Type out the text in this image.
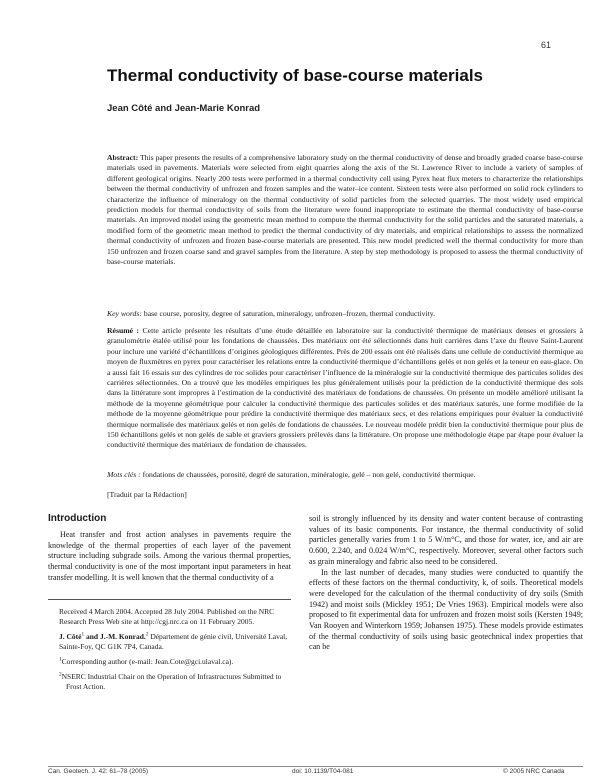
61
Thermal conductivity of base-course materials
Jean Côté and Jean-Marie Konrad
Abstract: This paper presents the results of a comprehensive laboratory study on the thermal conductivity of dense and broadly graded coarse base-course materials used in pavements. Materials were selected from eight quarries along the axis of the St. Lawrence River to include a variety of samples of different geological origins. Nearly 200 tests were performed in a thermal conductivity cell using Pyrex heat flux meters to characterize the relationships between the thermal conductivity of unfrozen and frozen samples and the water–ice content. Sixteen tests were also performed on solid rock cylinders to characterize the influence of mineralogy on the thermal conductivity of solid particles from the selected quarries. The most widely used empirical prediction models for thermal conductivity of soils from the literature were found inappropriate to estimate the thermal conductivity of base-course materials. An improved model using the geometric mean method to compute the thermal conductivity for the solid particles and the saturated materials, a modified form of the geometric mean method to predict the thermal conductivity of dry materials, and empirical relationships to assess the normalized thermal conductivity of unfrozen and frozen base-course materials are presented. This new model predicted well the thermal conductivity for more than 150 unfrozen and frozen coarse sand and gravel samples from the literature. A step by step methodology is proposed to assess the thermal conductivity of base-course materials.
Key words: base course, porosity, degree of saturation, mineralogy, unfrozen–frozen, thermal conductivity.
Résumé : Cette article présente les résultats d’une étude détaillée en laboratoire sur la conductivité thermique de matériaux denses et grossiers à granulométrie étalée utilisé pour les fondations de chaussées. Des matériaux ont été sélectionnés dans huit carrières dans l’axe du fleuve Saint-Laurent pour inclure une variété d’échantillons d’origines géologiques différentes. Près de 200 essais ont été réalisés dans une cellule de conductivité thermique au moyen de fluxmètres en pyrex pour caractériser les relations entre la conductivité thermique d’échantillons gelés et non gelés et la teneur en eau-glace. On a aussi fait 16 essais sur des cylindres de roc solides pour caractériser l’influence de la minéralogie sur la conductivité thermique des particules solides des carrières sélectionnées. On a trouvé que les modèles empiriques les plus généralement utilisés pour la prédiction de la conductivité thermique des sols dans la littérature sont impropres à l’estimation de la conductivité des matériaux de fondations de chaussées. On présente un modèle amélioré utilisant la méthode de la moyenne géométrique pour calculer la conductivité thermique des particules solides et des matériaux saturés, une forme modifiée de la méthode de la moyenne géométrique pour prédire la conductivité thermique des matériaux secs, et des relations empiriques pour évaluer la conductivité thermique normalisée des matériaux gelés et non gelés de fondations de chaussées. Le nouveau modèle prédit bien la conductivité thermique pour plus de 150 échantillons gelés et non gelés de sable et graviers grossiers prélevés dans la littérature. On propose une méthodologie étape par étape pour évaluer la conductivité thermique des matériaux de fondation de chaussées.
Mots clés : fondations de chaussées, porosité, degré de saturation, minéralogie, gelé – non gelé, conductivité thermique.
[Traduit par la Rédaction]
Introduction

Heat transfer and frost action analyses in pavements require the knowledge of the thermal properties of each layer of the pavement structure including subgrade soils. Among the various thermal properties, thermal conductivity is one of the most important input parameters in heat transfer modelling. It is well known that the thermal conductivity of a

Received 4 March 2004. Accepted 28 July 2004. Published on the NRC Research Press Web site at http://cgj.nrc.ca on 11 February 2005.

J. Côté$^1$ and J.-M. Konrad.$^2$ Département de génie civil, Université Laval, Sainte-Foy, QC G1K 7P4, Canada.

$^1$Corresponding author (e-mail: Jean.Cote@gci.ulaval.ca).

$^2$NSERC Industrial Chair on the Operation of Infrastructures Submitted to Frost Action.

soil is strongly influenced by its density and water content because of contrasting values of its basic components. For instance, the thermal conductivity of solid particles generally varies from 1 to 5 W/m°C, and those for water, ice, and air are 0.600, 2.240, and 0.024 W/m°C, respectively. Moreover, several other factors such as grain mineralogy and fabric also need to be considered.

In the last number of decades, many studies were conducted to quantify the effects of these factors on the thermal conductivity, k, of soils. Theoretical models were developed for the calculation of the thermal conductivity of dry soils (Smith 1942) and moist soils (Mickley 1951; De Vries 1963). Empirical models were also proposed to fit experimental data for unfrozen and frozen moist soils (Kersten 1949; Van Rooyen and Winterkorn 1959; Johansen 1975). These models provide estimates of the thermal conductivity of soils using basic geotechnical index properties that can be

Can. Geotech. J. 42: 61–78 (2005)	doi: 10.1139/T04-081	© 2005 NRC Canada
